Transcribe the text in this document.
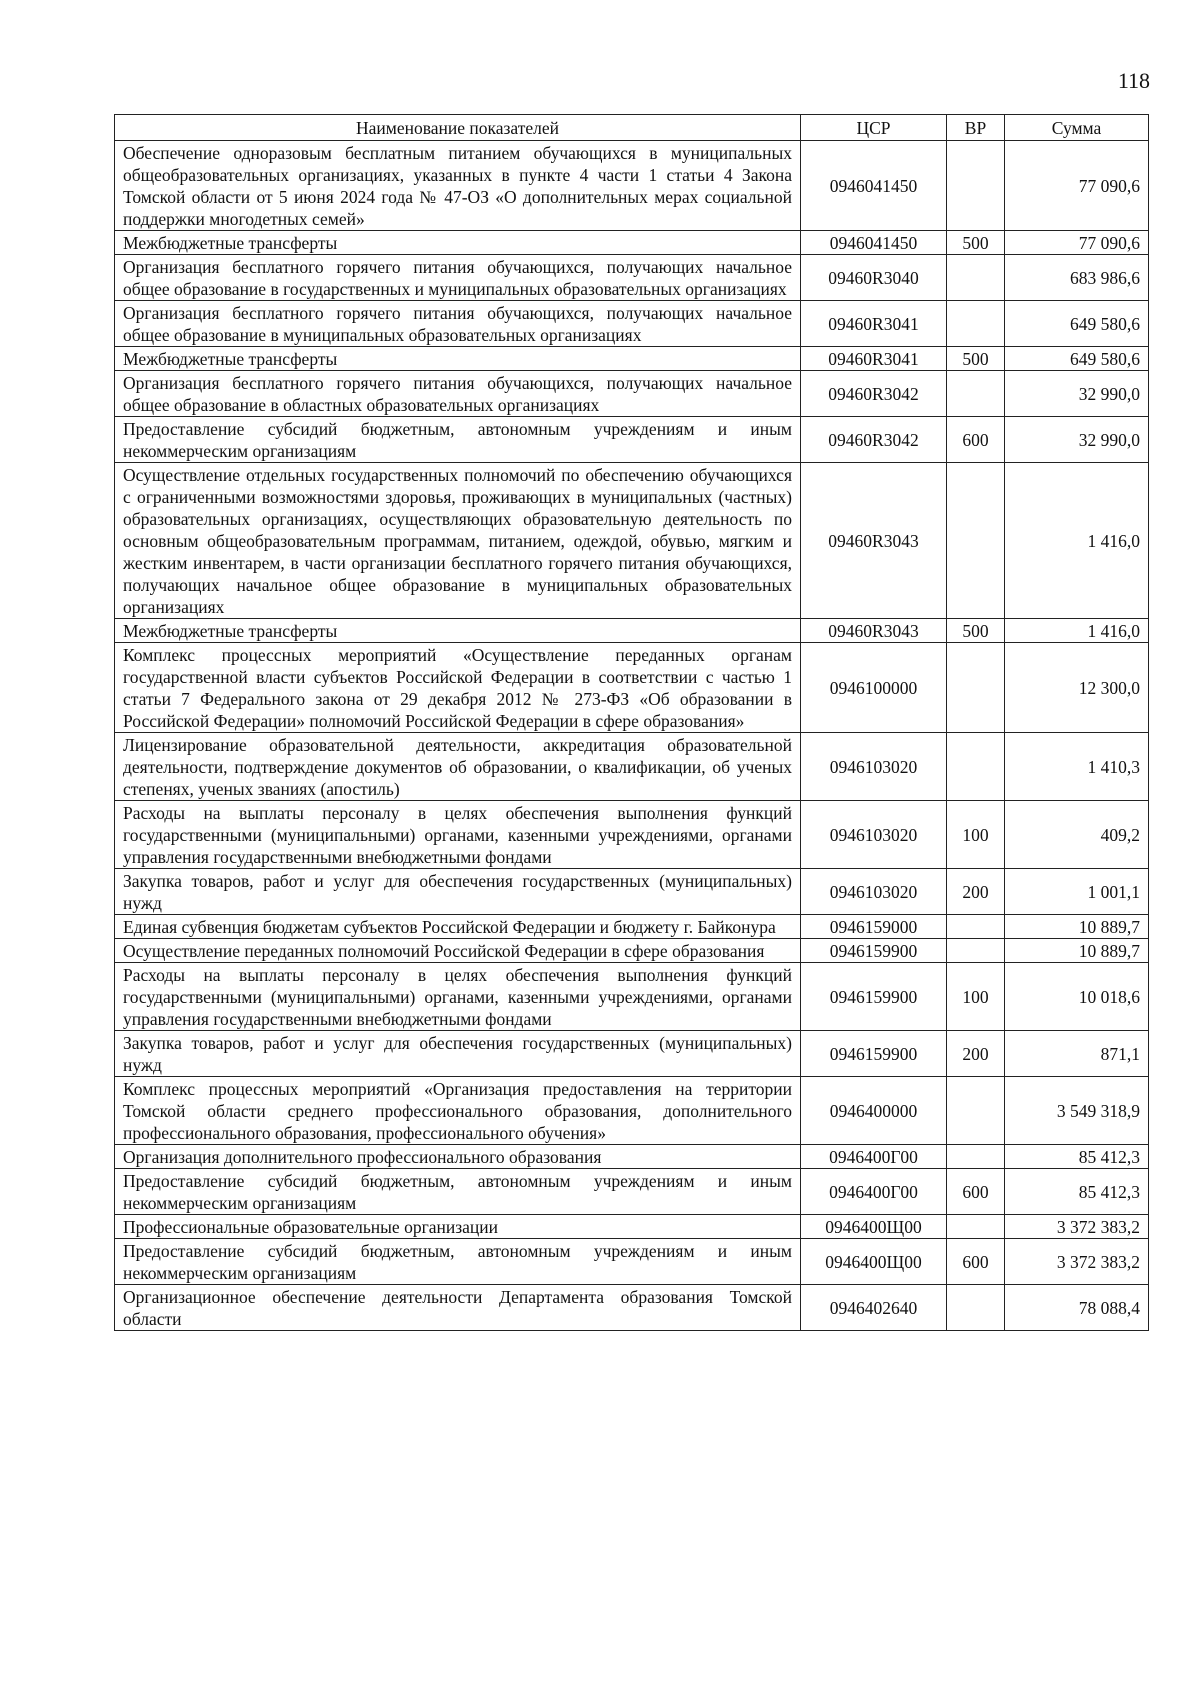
118
Наименование показателей	ЦСР	ВР	Сумма
Обеспечение одноразовым бесплатным питанием обучающихся в муниципальных общеобразовательных организациях, указанных в пункте 4 части 1 статьи 4 Закона Томской области от 5 июня 2024 года № 47-ОЗ «О дополнительных мерах социальной поддержки многодетных семей»	0946041450		77 090,6
Межбюджетные трансферты	0946041450	500	77 090,6
Организация бесплатного горячего питания обучающихся, получающих начальное общее образование в государственных и муниципальных образовательных организациях	09460R3040		683 986,6
Организация бесплатного горячего питания обучающихся, получающих начальное общее образование в муниципальных образовательных организациях	09460R3041		649 580,6
Межбюджетные трансферты	09460R3041	500	649 580,6
Организация бесплатного горячего питания обучающихся, получающих начальное общее образование в областных образовательных организациях	09460R3042		32 990,0
Предоставление субсидий бюджетным, автономным учреждениям и иным некоммерческим организациям	09460R3042	600	32 990,0
Осуществление отдельных государственных полномочий по обеспечению обучающихся с ограниченными возможностями здоровья, проживающих в муниципальных (частных) образовательных организациях, осуществляющих образовательную деятельность по основным общеобразовательным программам, питанием, одеждой, обувью, мягким и жестким инвентарем, в части организации бесплатного горячего питания обучающихся, получающих начальное общее образование в муниципальных образовательных организациях	09460R3043		1 416,0
Межбюджетные трансферты	09460R3043	500	1 416,0
Комплекс процессных мероприятий «Осуществление переданных органам государственной власти субъектов Российской Федерации в соответствии с частью 1 статьи 7 Федерального закона от 29 декабря 2012 № 273-ФЗ «Об образовании в Российской Федерации» полномочий Российской Федерации в сфере образования»	0946100000		12 300,0
Лицензирование образовательной деятельности, аккредитация образовательной деятельности, подтверждение документов об образовании, о квалификации, об ученых степенях, ученых званиях (апостиль)	0946103020		1 410,3
Расходы на выплаты персоналу в целях обеспечения выполнения функций государственными (муниципальными) органами, казенными учреждениями, органами управления государственными внебюджетными фондами	0946103020	100	409,2
Закупка товаров, работ и услуг для обеспечения государственных (муниципальных) нужд	0946103020	200	1 001,1
Единая субвенция бюджетам субъектов Российской Федерации и бюджету г. Байконура	0946159000		10 889,7
Осуществление переданных полномочий Российской Федерации в сфере образования	0946159900		10 889,7
Расходы на выплаты персоналу в целях обеспечения выполнения функций государственными (муниципальными) органами, казенными учреждениями, органами управления государственными внебюджетными фондами	0946159900	100	10 018,6
Закупка товаров, работ и услуг для обеспечения государственных (муниципальных) нужд	0946159900	200	871,1
Комплекс процессных мероприятий «Организация предоставления на территории Томской области среднего профессионального образования, дополнительного профессионального образования, профессионального обучения»	0946400000		3 549 318,9
Организация дополнительного профессионального образования	0946400Г00		85 412,3
Предоставление субсидий бюджетным, автономным учреждениям и иным некоммерческим организациям	0946400Г00	600	85 412,3
Профессиональные образовательные организации	0946400Щ00		3 372 383,2
Предоставление субсидий бюджетным, автономным учреждениям и иным некоммерческим организациям	0946400Щ00	600	3 372 383,2
Организационное обеспечение деятельности Департамента образования Томской области	0946402640		78 088,4
